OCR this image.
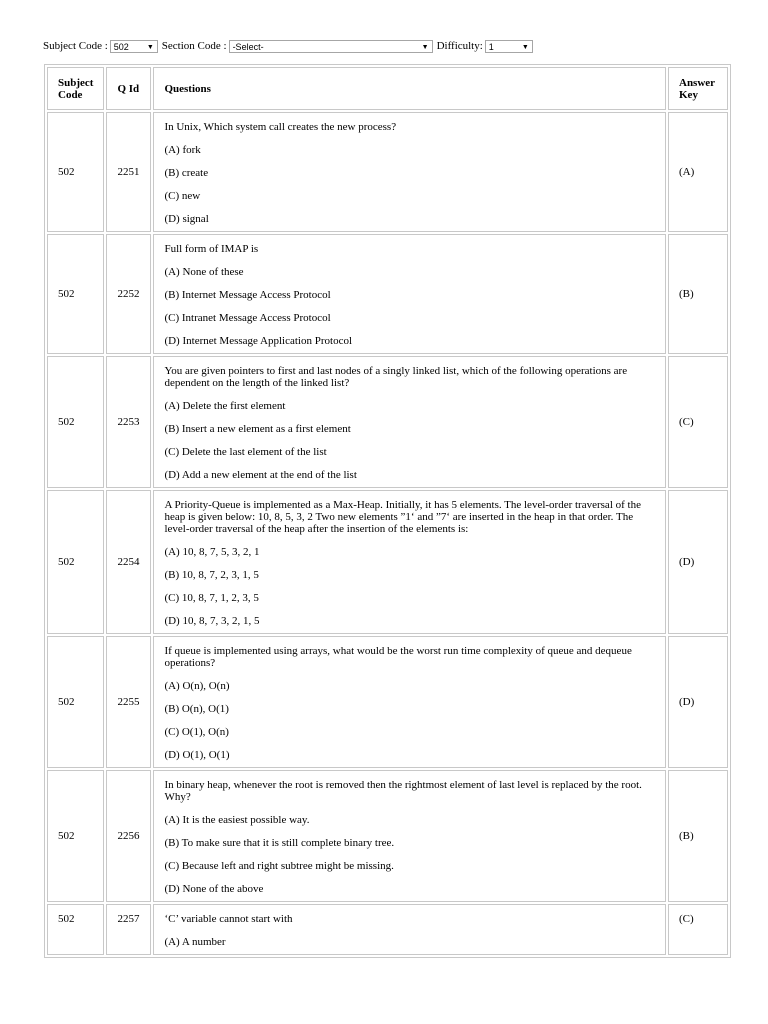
Subject Code : 502	▼ Section Code : -Select-	▼ Difficulty: 1	▼
Subject Code	Q Id	Questions	Answer Key
502	2251	In Unix, Which system call creates the new process?

(A) fork

(B) create

(C) new

(D) signal	(A)
502	2252	Full form of IMAP is

(A) None of these

(B) Internet Message Access Protocol

(C) Intranet Message Access Protocol

(D) Internet Message Application Protocol	(B)
502	2253	You are given pointers to first and last nodes of a singly linked list, which of the following operations are dependent on the length of the linked list?

(A) Delete the first element

(B) Insert a new element as a first element

(C) Delete the last element of the list

(D) Add a new element at the end of the list	(C)
502	2254	A Priority-Queue is implemented as a Max-Heap. Initially, it has 5 elements. The level-order traversal of the heap is given below: 10, 8, 5, 3, 2 Two new elements ”1‘ and ”7‘ are inserted in the heap in that order. The level-order traversal of the heap after the insertion of the elements is:

(A) 10, 8, 7, 5, 3, 2, 1

(B) 10, 8, 7, 2, 3, 1, 5

(C) 10, 8, 7, 1, 2, 3, 5

(D) 10, 8, 7, 3, 2, 1, 5	(D)
502	2255	If queue is implemented using arrays, what would be the worst run time complexity of queue and dequeue operations?

(A) O(n), O(n)

(B) O(n), O(1)

(C) O(1), O(n)

(D) O(1), O(1)	(D)
502	2256	In binary heap, whenever the root is removed then the rightmost element of last level is replaced by the root. Why?

(A) It is the easiest possible way.

(B) To make sure that it is still complete binary tree.

(C) Because left and right subtree might be missing.

(D) None of the above	(B)
502	2257	‘C’ variable cannot start with

(A) A number	(C)
